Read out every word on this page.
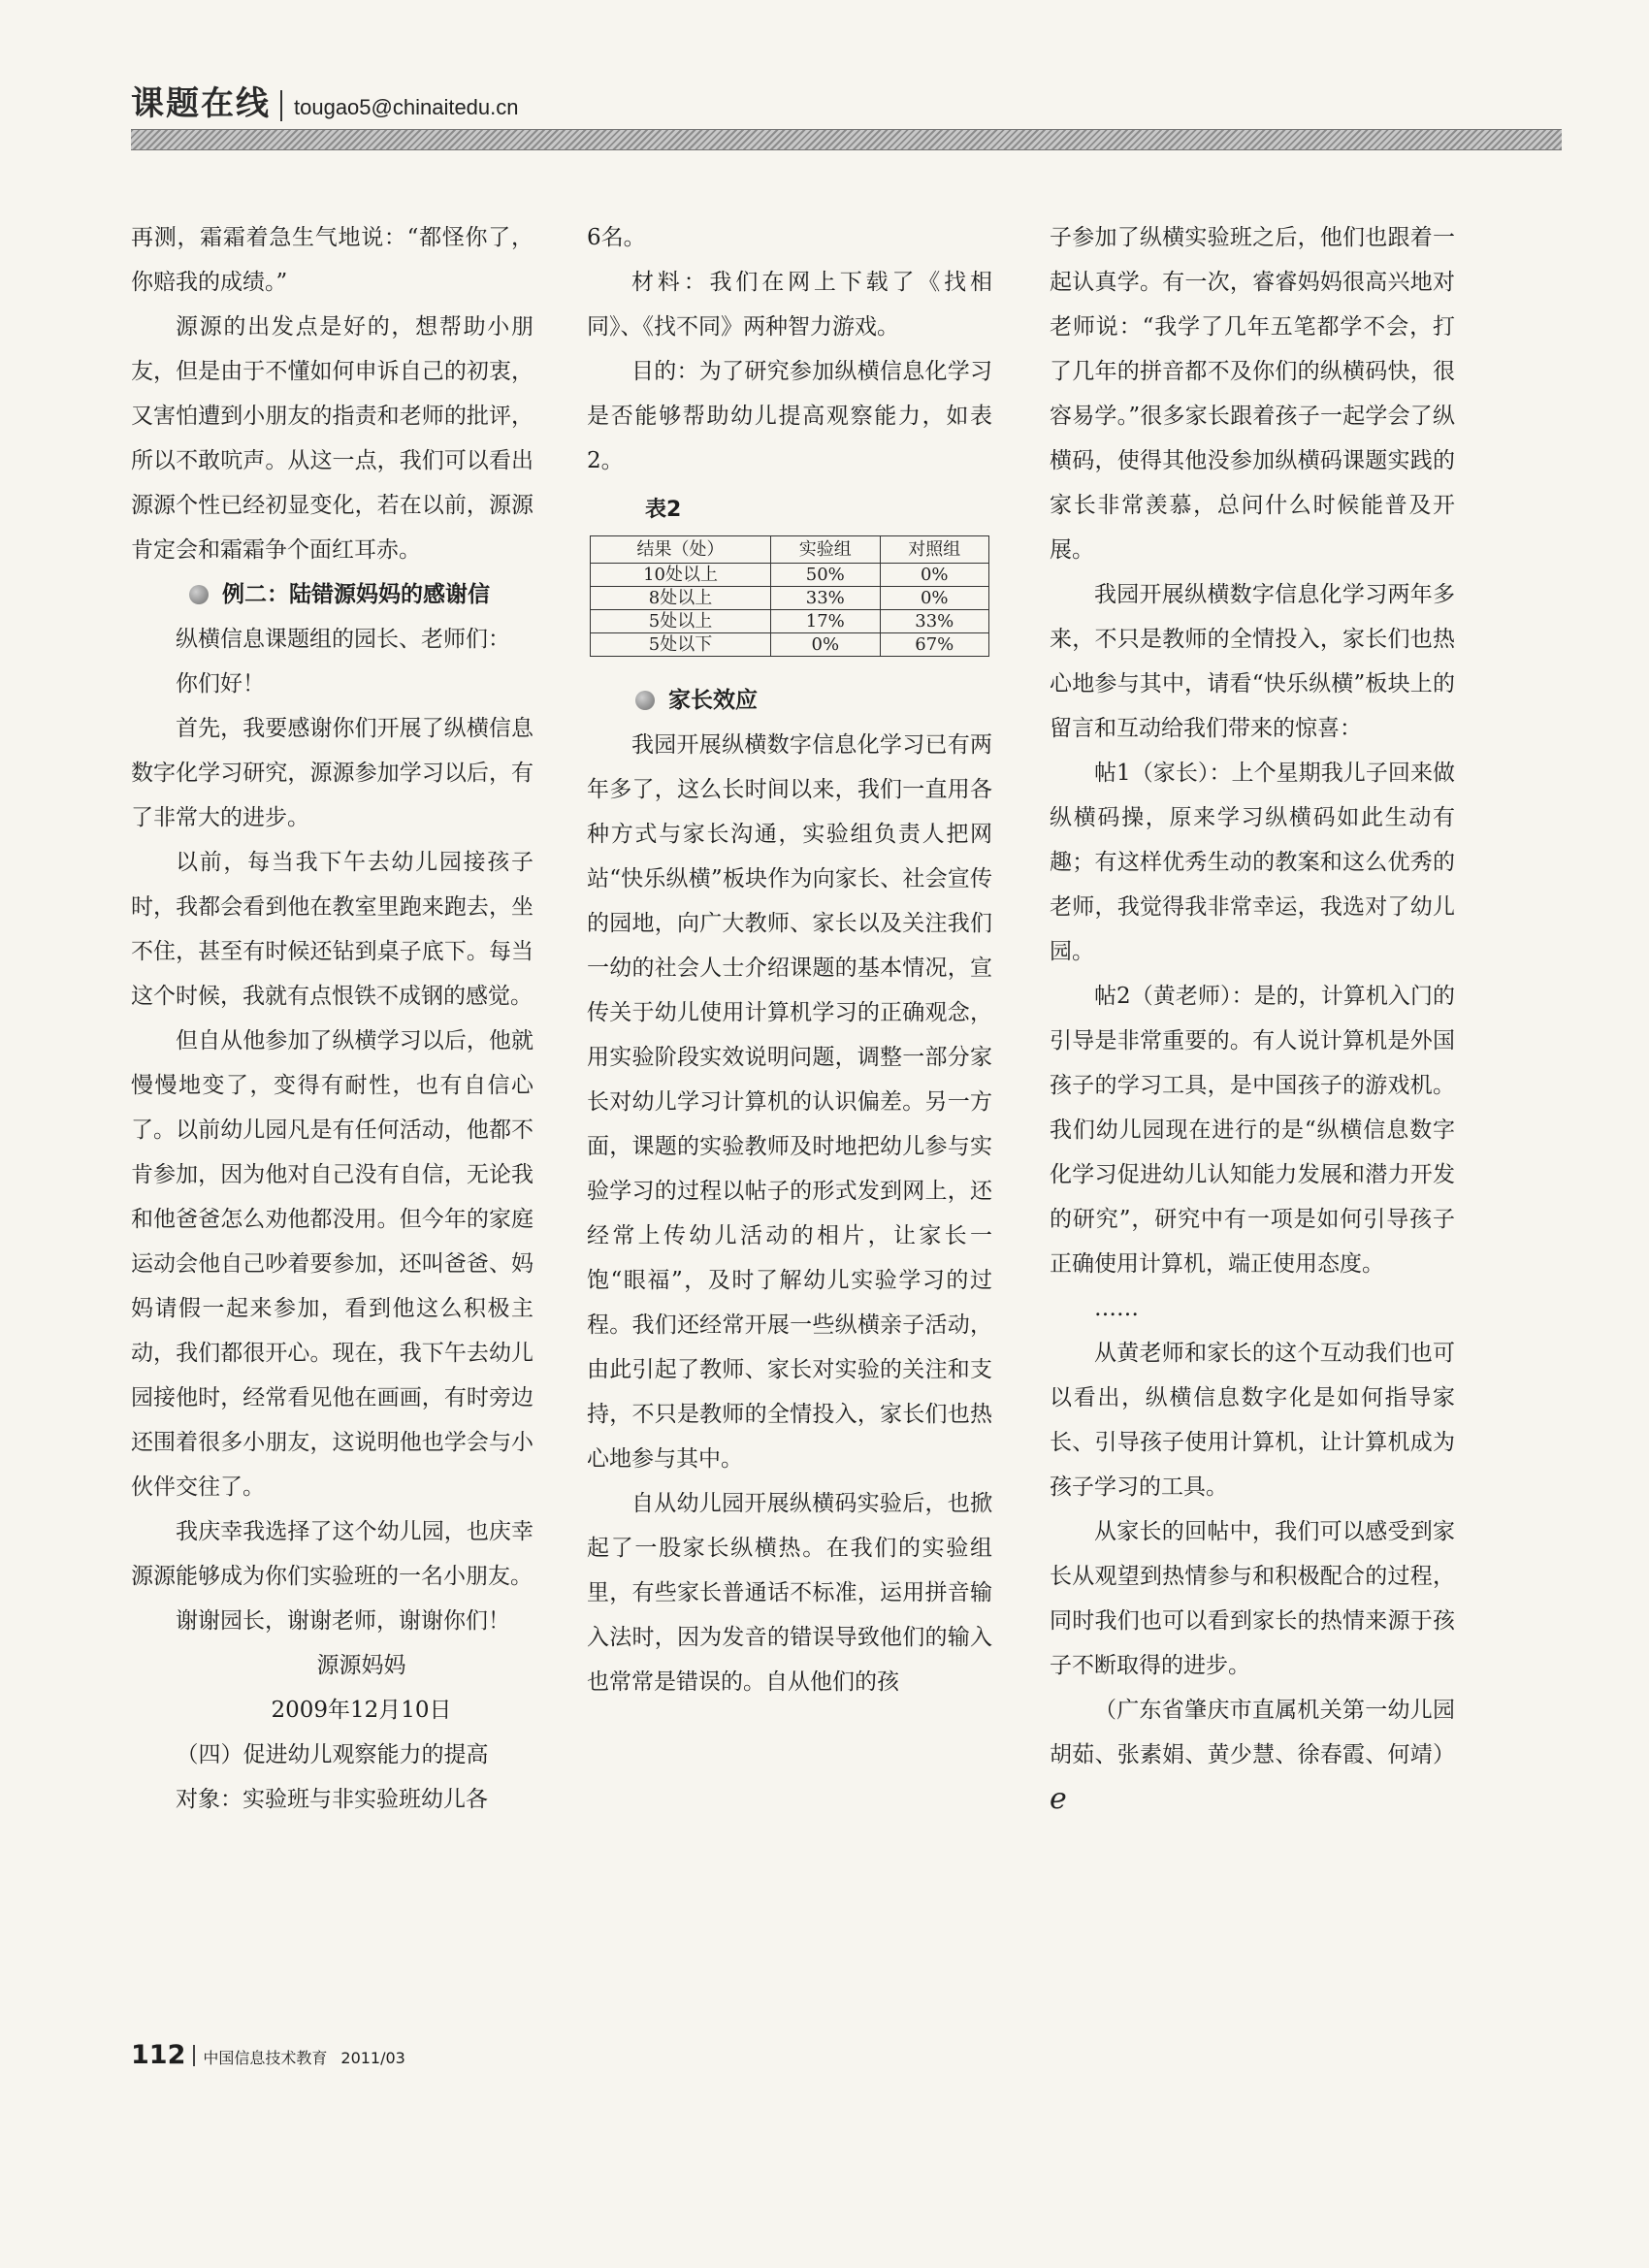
课题在线 tougao5@chinaitedu.cn

再测，霜霜着急生气地说：“都怪你了，你赔我的成绩。”

源源的出发点是好的，想帮助小朋友，但是由于不懂如何申诉自己的初衷，又害怕遭到小朋友的指责和老师的批评，所以不敢吭声。从这一点，我们可以看出源源个性已经初显变化，若在以前，源源肯定会和霜霜争个面红耳赤。

例二：陆错源妈妈的感谢信

纵横信息课题组的园长、老师们：

你们好！

首先，我要感谢你们开展了纵横信息数字化学习研究，源源参加学习以后，有了非常大的进步。

以前，每当我下午去幼儿园接孩子时，我都会看到他在教室里跑来跑去，坐不住，甚至有时候还钻到桌子底下。每当这个时候，我就有点恨铁不成钢的感觉。

但自从他参加了纵横学习以后，他就慢慢地变了，变得有耐性，也有自信心了。以前幼儿园凡是有任何活动，他都不肯参加，因为他对自己没有自信，无论我和他爸爸怎么劝他都没用。但今年的家庭运动会他自己吵着要参加，还叫爸爸、妈妈请假一起来参加，看到他这么积极主动，我们都很开心。现在，我下午去幼儿园接他时，经常看见他在画画，有时旁边还围着很多小朋友，这说明他也学会与小伙伴交往了。

我庆幸我选择了这个幼儿园，也庆幸源源能够成为你们实验班的一名小朋友。

谢谢园长，谢谢老师，谢谢你们！

源源妈妈

2009年12月10日

（四）促进幼儿观察能力的提高

对象：实验班与非实验班幼儿各

6名。

材料：我们在网上下载了《找相同》、《找不同》两种智力游戏。

目的：为了研究参加纵横信息化学习是否能够帮助幼儿提高观察能力，如表2。

表2
结果（处）	实验组	对照组
10处以上	50%	0%
8处以上	33%	0%
5处以上	17%	33%
5处以下	0%	67%
家长效应

我园开展纵横数字信息化学习已有两年多了，这么长时间以来，我们一直用各种方式与家长沟通，实验组负责人把网站“快乐纵横”板块作为向家长、社会宣传的园地，向广大教师、家长以及关注我们一幼的社会人士介绍课题的基本情况，宣传关于幼儿使用计算机学习的正确观念，用实验阶段实效说明问题，调整一部分家长对幼儿学习计算机的认识偏差。另一方面，课题的实验教师及时地把幼儿参与实验学习的过程以帖子的形式发到网上，还经常上传幼儿活动的相片，让家长一饱“眼福”，及时了解幼儿实验学习的过程。我们还经常开展一些纵横亲子活动，由此引起了教师、家长对实验的关注和支持，不只是教师的全情投入，家长们也热心地参与其中。

自从幼儿园开展纵横码实验后，也掀起了一股家长纵横热。在我们的实验组里，有些家长普通话不标准，运用拼音输入法时，因为发音的错误导致他们的输入也常常是错误的。自从他们的孩

子参加了纵横实验班之后，他们也跟着一起认真学。有一次，睿睿妈妈很高兴地对老师说：“我学了几年五笔都学不会，打了几年的拼音都不及你们的纵横码快，很容易学。”很多家长跟着孩子一起学会了纵横码，使得其他没参加纵横码课题实践的家长非常羡慕，总问什么时候能普及开展。

我园开展纵横数字信息化学习两年多来，不只是教师的全情投入，家长们也热心地参与其中，请看“快乐纵横”板块上的留言和互动给我们带来的惊喜：

帖1（家长）：上个星期我儿子回来做纵横码操，原来学习纵横码如此生动有趣；有这样优秀生动的教案和这么优秀的老师，我觉得我非常幸运，我选对了幼儿园。

帖2（黄老师）：是的，计算机入门的引导是非常重要的。有人说计算机是外国孩子的学习工具，是中国孩子的游戏机。我们幼儿园现在进行的是“纵横信息数字化学习促进幼儿认知能力发展和潜力开发的研究”，研究中有一项是如何引导孩子正确使用计算机，端正使用态度。

……

从黄老师和家长的这个互动我们也可以看出，纵横信息数字化是如何指导家长、引导孩子使用计算机，让计算机成为孩子学习的工具。

从家长的回帖中，我们可以感受到家长从观望到热情参与和积极配合的过程，同时我们也可以看到家长的热情来源于孩子不断取得的进步。

（广东省肇庆市直属机关第一幼儿园 胡茹、张素娟、黄少慧、徐春霞、何靖）e

112 中国信息技术教育 2011/03
